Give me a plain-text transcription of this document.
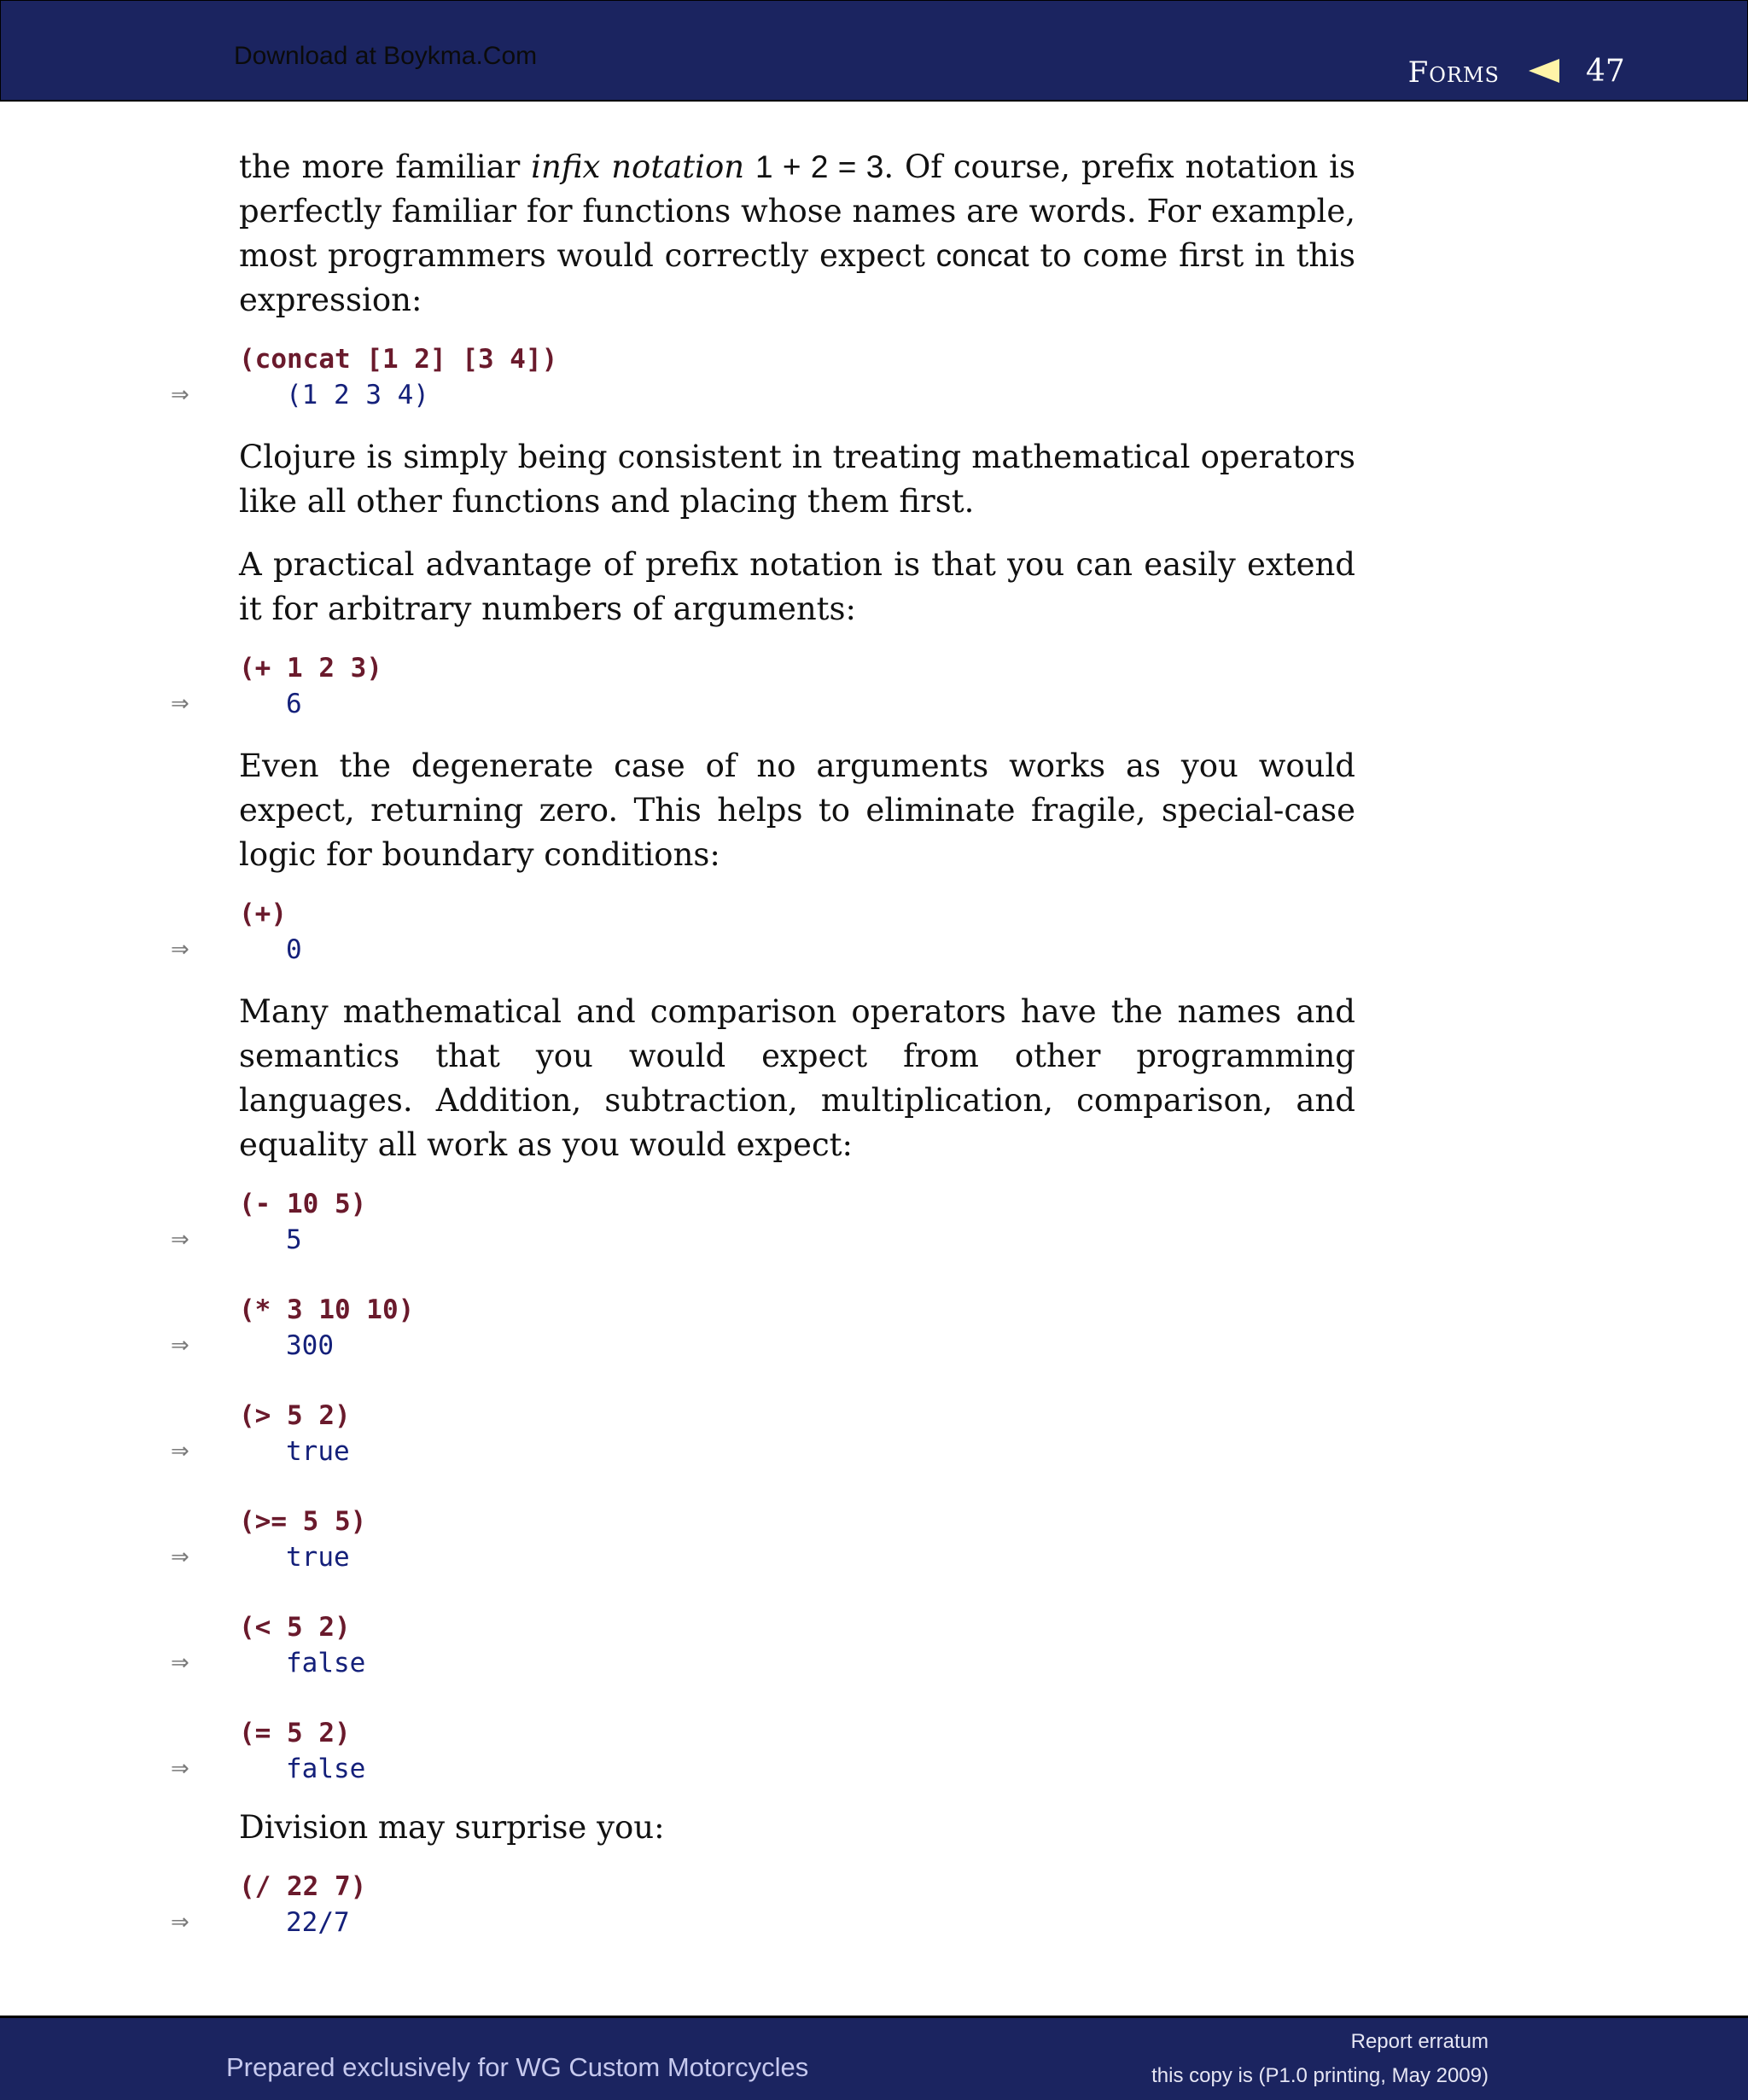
Download at Boykma.Com	Forms	47

the more familiar infix notation 1 + 2 = 3. Of course, prefix notation is perfectly familiar for functions whose names are words. For example, most programmers would correctly expect concat to come first in this expression:

(concat [1 2] [3 4])
⇒	(1 2 3 4)

Clojure is simply being consistent in treating mathematical operators like all other functions and placing them first.

A practical advantage of prefix notation is that you can easily extend it for arbitrary numbers of arguments:

(+ 1 2 3)
⇒	6

Even the degenerate case of no arguments works as you would expect, returning zero. This helps to eliminate fragile, special-case logic for boundary conditions:

(+)
⇒	0

Many mathematical and comparison operators have the names and semantics that you would expect from other programming languages. Addition, subtraction, multiplication, comparison, and equality all work as you would expect:

(- 10 5)
⇒	5
(* 3 10 10)
⇒	300
(> 5 2)
⇒	true
(>= 5 5)
⇒	true
(< 5 2)
⇒	false
(= 5 2)
⇒	false

Division may surprise you:

(/ 22 7)
⇒	22/7
Prepared exclusively for WG Custom Motorcycles
Report erratum
this copy is (P1.0 printing, May 2009)
